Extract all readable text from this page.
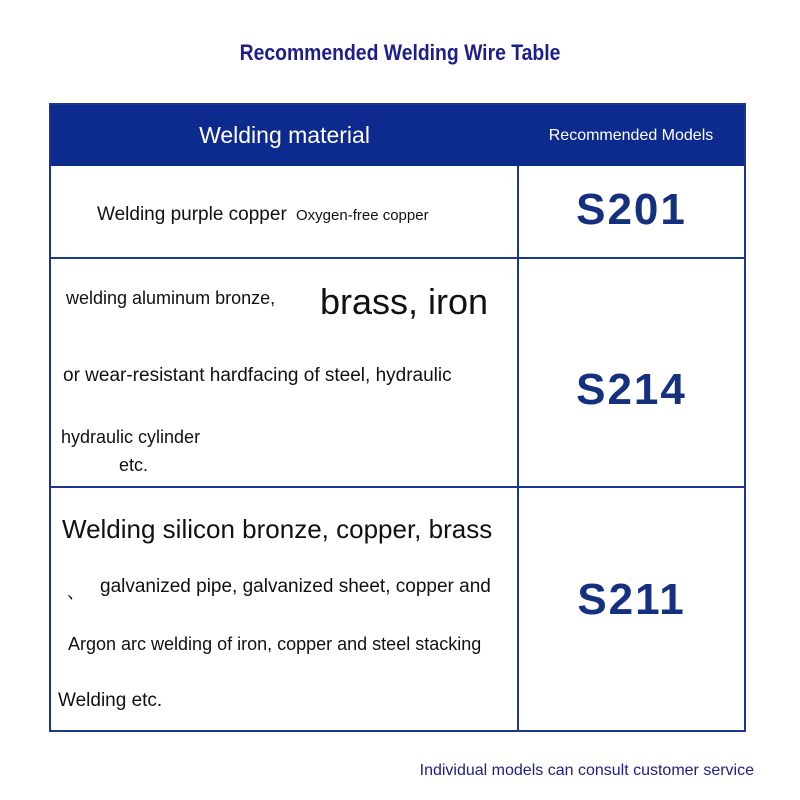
Recommended Welding Wire Table
Welding material	Recommended Models
Welding purple copper Oxygen-free copper	S201
welding aluminum bronze, brass, iron
or wear-resistant hardfacing of steel, hydraulic
hydraulic cylinder
etc.
S214
Welding silicon bronze, copper, brass
、 galvanized pipe, galvanized sheet, copper and
Argon arc welding of iron, copper and steel stacking
Welding etc.
S211
Individual models can consult customer service
